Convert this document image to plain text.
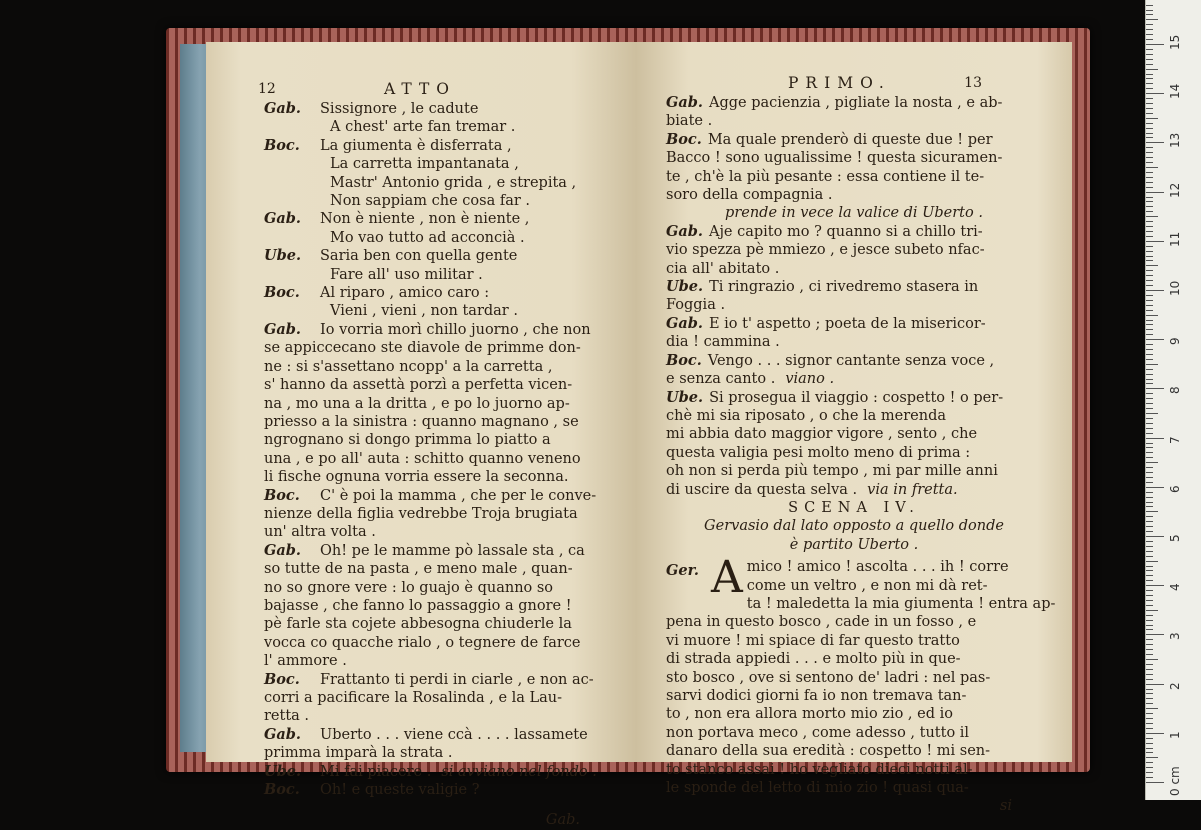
12	ATTO
Gab. Sissignore , le cadute
A chest' arte fan tremar .
Boc. La giumenta è disferrata ,
La carretta impantanata ,
Mastr' Antonio grida , e strepita ,
Non sappiam che cosa far .
Gab. Non è niente , non è niente ,
Mo vao tutto ad acconcià .
Ube. Saria ben con quella gente
Fare all' uso militar .
Boc. Al riparo , amico caro :
Vieni , vieni , non tardar .
Gab. Io vorria morì chillo juorno , che non
se appiccecano ste diavole de primme don-
ne : si s'assettano ncopp' a la carretta ,
s' hanno da assettà porzì a perfetta vicen-
na , mo una a la dritta , e po lo juorno ap-
priesso a la sinistra : quanno magnano , se
ngrognano si dongo primma lo piatto a
una , e po all' auta : schitto quanno veneno
li fische ognuna vorria essere la seconna.
Boc. C' è poi la mamma , che per le conve-
nienze della figlia vedrebbe Troja brugiata
un' altra volta .
Gab. Oh! pe le mamme pò lassale sta , ca
so tutte de na pasta , e meno male , quan-
no so gnore vere : lo guajo è quanno so
bajasse , che fanno lo passaggio a gnore !
pè farle sta cojete abbesogna chiuderle la
vocca co quacche rialo , o tegnere de farce
l' ammore .
Boc. Frattanto ti perdi in ciarle , e non ac-
corri a pacificare la Rosalinda , e la Lau-
retta .
Gab. Uberto . . . viene ccà . . . . lassamete
primma imparà la strata .
Ube. Mi fai piacere . si avviano nel fondo .
Boc. Oh! e queste valigie ?
Gab.
PRIMO.	13
Gab. Agge pacienzia , pigliate la nosta , e ab-
biate .
Boc. Ma quale prenderò di queste due ! per
Bacco ! sono ugualissime ! questa sicuramen-
te , ch'è la più pesante : essa contiene il te-
soro della compagnia .
prende in vece la valice di Uberto .
Gab. Aje capito mo ? quanno si a chillo tri-
vio spezza pè mmiezo , e jesce subeto nfac-
cia all' abitato .
Ube. Ti ringrazio , ci rivedremo stasera in
Foggia .
Gab. E io t' aspetto ; poeta de la misericor-
dia ! cammina .
Boc. Vengo . . . signor cantante senza voce ,
e senza canto . viano .
Ube. Si prosegua il viaggio : cospetto ! o per-
chè mi sia riposato , o che la merenda
mi abbia dato maggior vigore , sento , che
questa valigia pesi molto meno di prima :
oh non si perda più tempo , mi par mille anni
di uscire da questa selva . via in fretta.
SCENA IV.
Gervasio dal lato opposto a quello donde
è partito Uberto .
Ger. A mico ! amico ! ascolta . . . ih ! corre
come un veltro , e non mi dà ret-
ta ! maledetta la mia giumenta ! entra ap-
pena in questo bosco , cade in un fosso , e
vi muore ! mi spiace di far questo tratto
di strada appiedi . . . e molto più in que-
sto bosco , ove si sentono de' ladri : nel pas-
sarvi dodici giorni fa io non tremava tan-
to , non era allora morto mio zio , ed io
non portava meco , come adesso , tutto il
danaro della sua eredità : cospetto ! mi sen-
to stanco assai ! ho vegliato dieci notti al-
le sponde del letto di mio zio ! quasi qua-
si
0 cm
1
2
3
4
5
6
7
8
9
10
11
12
13
14
15
